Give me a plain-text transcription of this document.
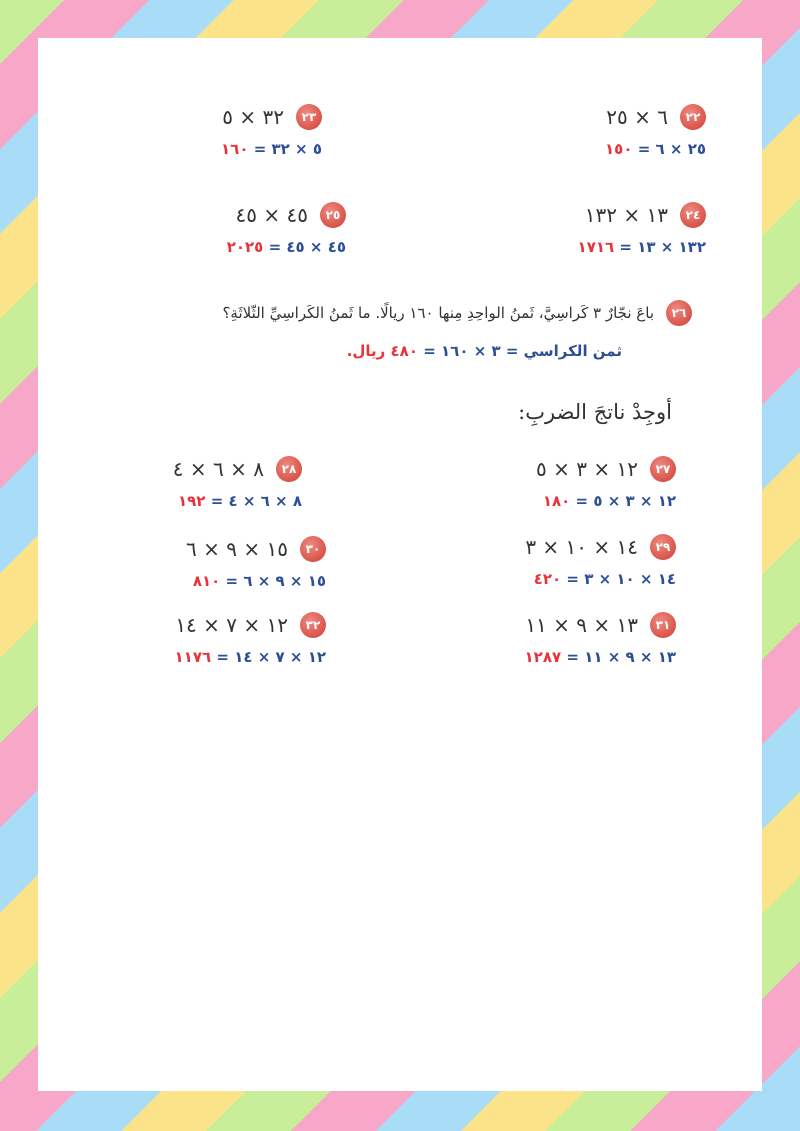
٢٢
٦ × ٢٥
٢٥ × ٦ = ١٥٠
٢٣
٣٢ × ٥
٥ × ٣٢ = ١٦٠
٢٤
١٣ × ١٣٢
١٣٢ × ١٣ = ١٧١٦
٢٥
٤٥ × ٤٥
٤٥ × ٤٥ = ٢٠٢٥
٢٦
باعَ نجّارٌ ٣ كَراسِيَّ، ثَمنُ الواحِدِ مِنها ١٦٠ ريالًا. ما ثَمنُ الكَراسِيِّ الثّلاثَةِ؟
ثمن الكراسي = ٣ × ١٦٠ = ٤٨٠ ريال.
أوجِدْ ناتجَ الضربِ:
٢٧
١٢ × ٣ × ٥
١٢ × ٣ × ٥ = ١٨٠
٢٨
٨ × ٦ × ٤
٨ × ٦ × ٤ = ١٩٢
٢٩
١٤ × ١٠ × ٣
١٤ × ١٠ × ٣ = ٤٢٠
٣٠
١٥ × ٩ × ٦
١٥ × ٩ × ٦ = ٨١٠
٣١
١٣ × ٩ × ١١
١٣ × ٩ × ١١ = ١٢٨٧
٣٢
١٢ × ٧ × ١٤
١٢ × ٧ × ١٤ = ١١٧٦
